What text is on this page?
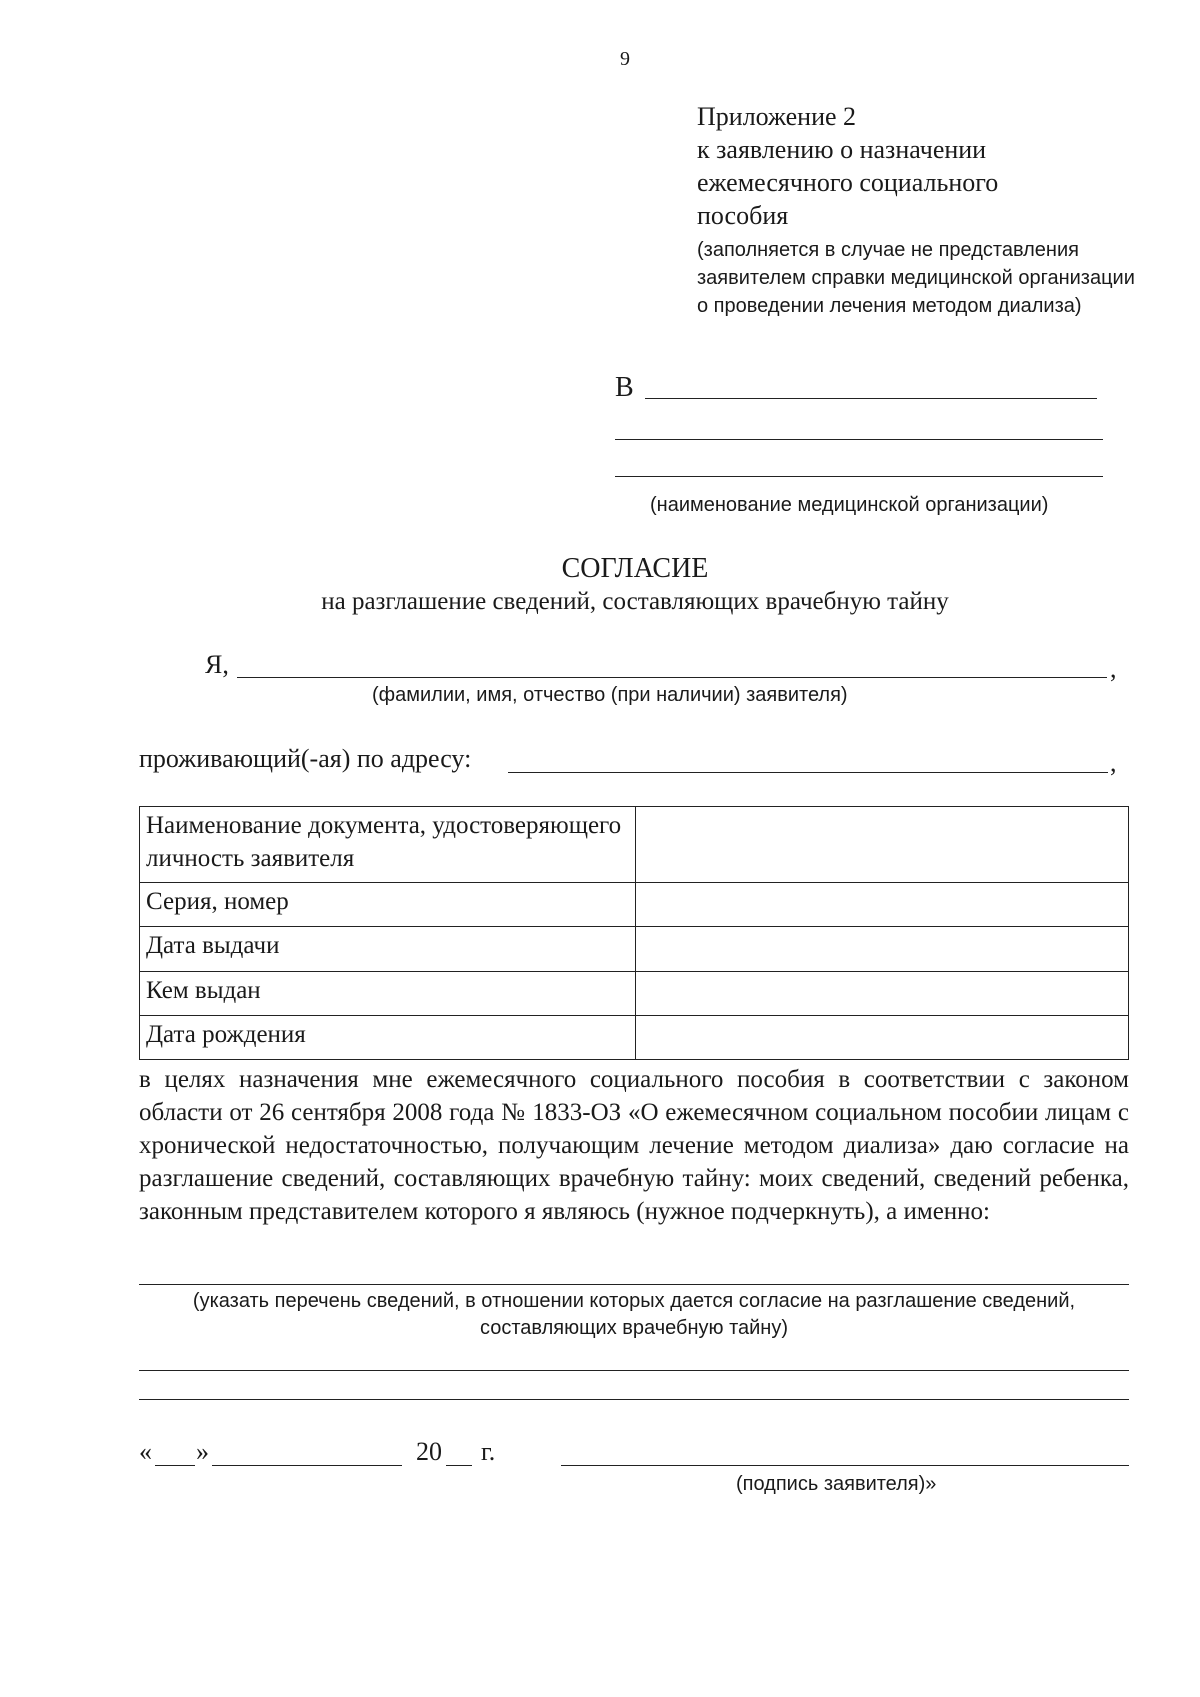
9
Приложение 2
к заявлению о назначении
ежемесячного социального
пособия
(заполняется в случае не представления заявителем справки медицинской организации о проведении лечения методом диализа)
В
(наименование медицинской организации)
СОГЛАСИЕ
на разглашение сведений, составляющих врачебную тайну
Я,	,
(фамилии, имя, отчество (при наличии) заявителя)
проживающий(-ая) по адресу:	,
Наименование документа, удостоверяющего личность заявителя	
Серия, номер	
Дата выдачи	
Кем выдан	
Дата рождения	
в целях назначения мне ежемесячного социального пособия в соответствии с законом области от 26 сентября 2008 года № 1833-ОЗ «О ежемесячном социальном пособии лицам с хронической недостаточностью, получающим лечение методом диализа» даю согласие на разглашение сведений, составляющих врачебную тайну: моих сведений, сведений ребенка, законным представителем которого я являюсь (нужное подчеркнуть), а именно:
(указать перечень сведений, в отношении которых дается согласие на разглашение сведений, составляющих врачебную тайну)
« »	20 г.
(подпись заявителя)»
